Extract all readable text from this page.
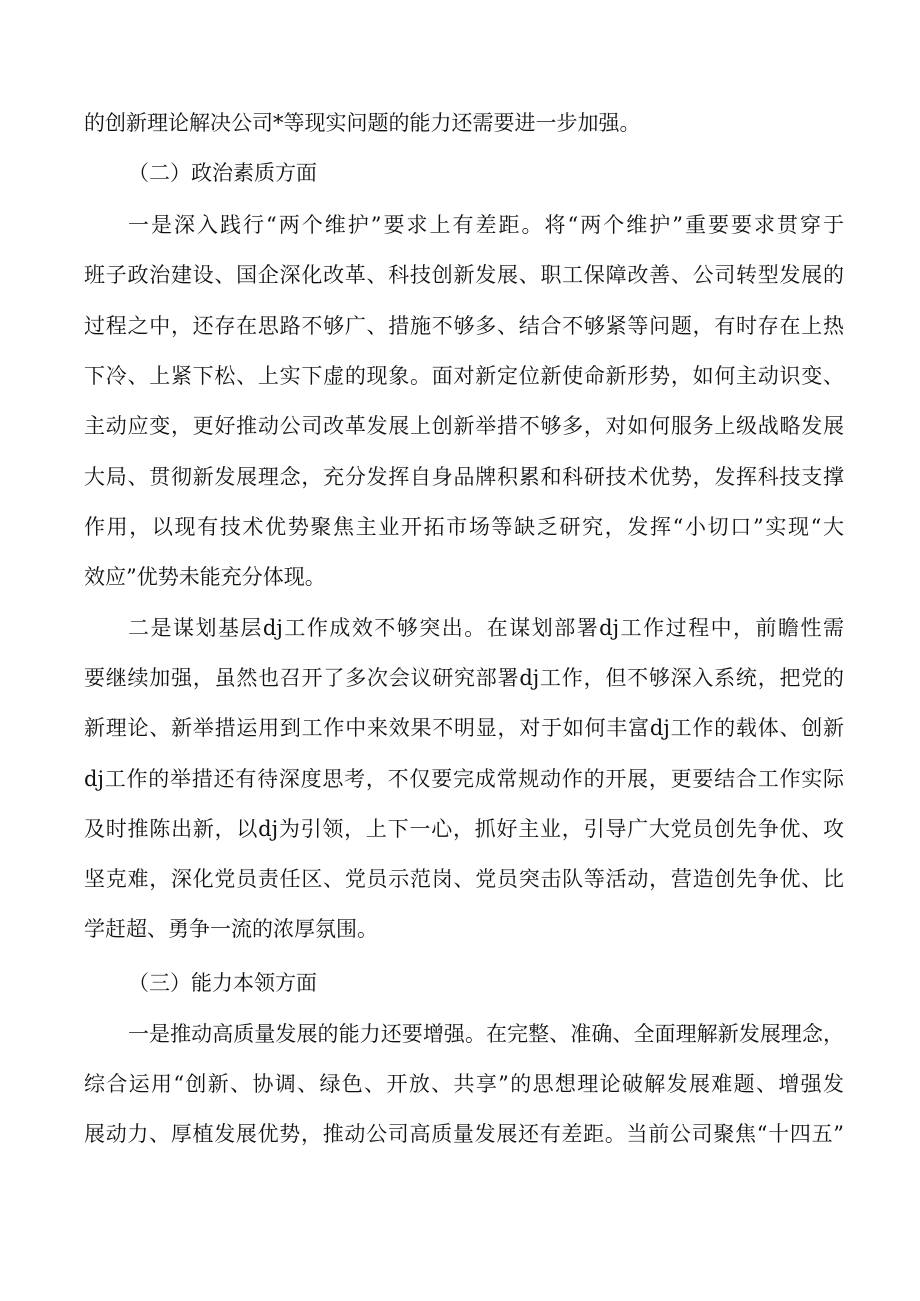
的创新理论解决公司*等现实问题的能力还需要进一步加强。
（二）政治素质方面
一是深入践行“两个维护”要求上有差距。将“两个维护”重要要求贯穿于
班子政治建设、国企深化改革、科技创新发展、职工保障改善、公司转型发展的
过程之中，还存在思路不够广、措施不够多、结合不够紧等问题，有时存在上热
下冷、上紧下松、上实下虚的现象。面对新定位新使命新形势，如何主动识变、
主动应变，更好推动公司改革发展上创新举措不够多，对如何服务上级战略发展
大局、贯彻新发展理念，充分发挥自身品牌积累和科研技术优势，发挥科技支撑
作用，以现有技术优势聚焦主业开拓市场等缺乏研究，发挥“小切口”实现“大
效应”优势未能充分体现。
二是谋划基层dj工作成效不够突出。在谋划部署dj工作过程中，前瞻性需
要继续加强，虽然也召开了多次会议研究部署dj工作，但不够深入系统，把党的
新理论、新举措运用到工作中来效果不明显，对于如何丰富dj工作的载体、创新
dj工作的举措还有待深度思考，不仅要完成常规动作的开展，更要结合工作实际
及时推陈出新，以dj为引领，上下一心，抓好主业，引导广大党员创先争优、攻
坚克难，深化党员责任区、党员示范岗、党员突击队等活动，营造创先争优、比
学赶超、勇争一流的浓厚氛围。
（三）能力本领方面
一是推动高质量发展的能力还要增强。在完整、准确、全面理解新发展理念，
综合运用“创新、协调、绿色、开放、共享”的思想理论破解发展难题、增强发
展动力、厚植发展优势，推动公司高质量发展还有差距。当前公司聚焦“十四五”
